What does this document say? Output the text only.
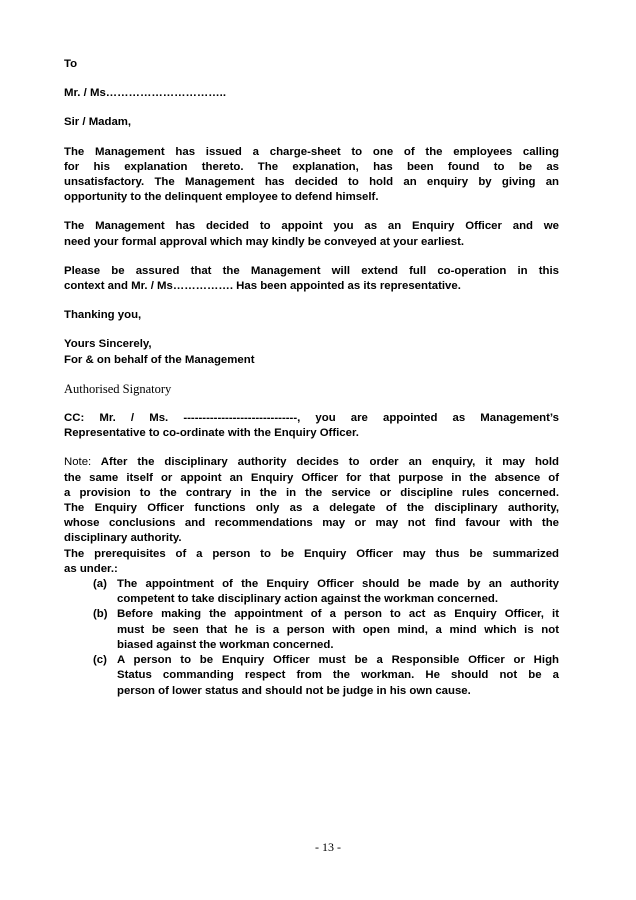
To

Mr. / Ms…………………………..

Sir / Madam,

The Management has issued a charge-sheet to one of the employees calling
for his explanation thereto. The explanation, has been found to be as
unsatisfactory. The Management has decided to hold an enquiry by giving an
opportunity to the delinquent employee to defend himself.
The Management has decided to appoint you as an Enquiry Officer and we
need your formal approval which may kindly be conveyed at your earliest.
Please be assured that the Management will extend full co-operation in this
context and Mr. / Ms……………. Has been appointed as its representative.

Thanking you,

Yours Sincerely,
For & on behalf of the Management

Authorised Signatory

CC: Mr. / Ms. ------------------------------, you are appointed as Management’s
Representative to co-ordinate with the Enquiry Officer.
Note: After the disciplinary authority decides to order an enquiry, it may hold
the same itself or appoint an Enquiry Officer for that purpose in the absence of
a provision to the contrary in the in the service or discipline rules concerned.
The Enquiry Officer functions only as a delegate of the disciplinary authority,
whose conclusions and recommendations may or may not find favour with the
disciplinary authority.
The prerequisites of a person to be Enquiry Officer may thus be summarized
as under.:
(a) The appointment of the Enquiry Officer should be made by an authority
competent to take disciplinary action against the workman concerned.
(b) Before making the appointment of a person to act as Enquiry Officer, it
must be seen that he is a person with open mind, a mind which is not
biased against the workman concerned.
(c) A person to be Enquiry Officer must be a Responsible Officer or High
Status commanding respect from the workman. He should not be a
person of lower status and should not be judge in his own cause.
- 13 -
